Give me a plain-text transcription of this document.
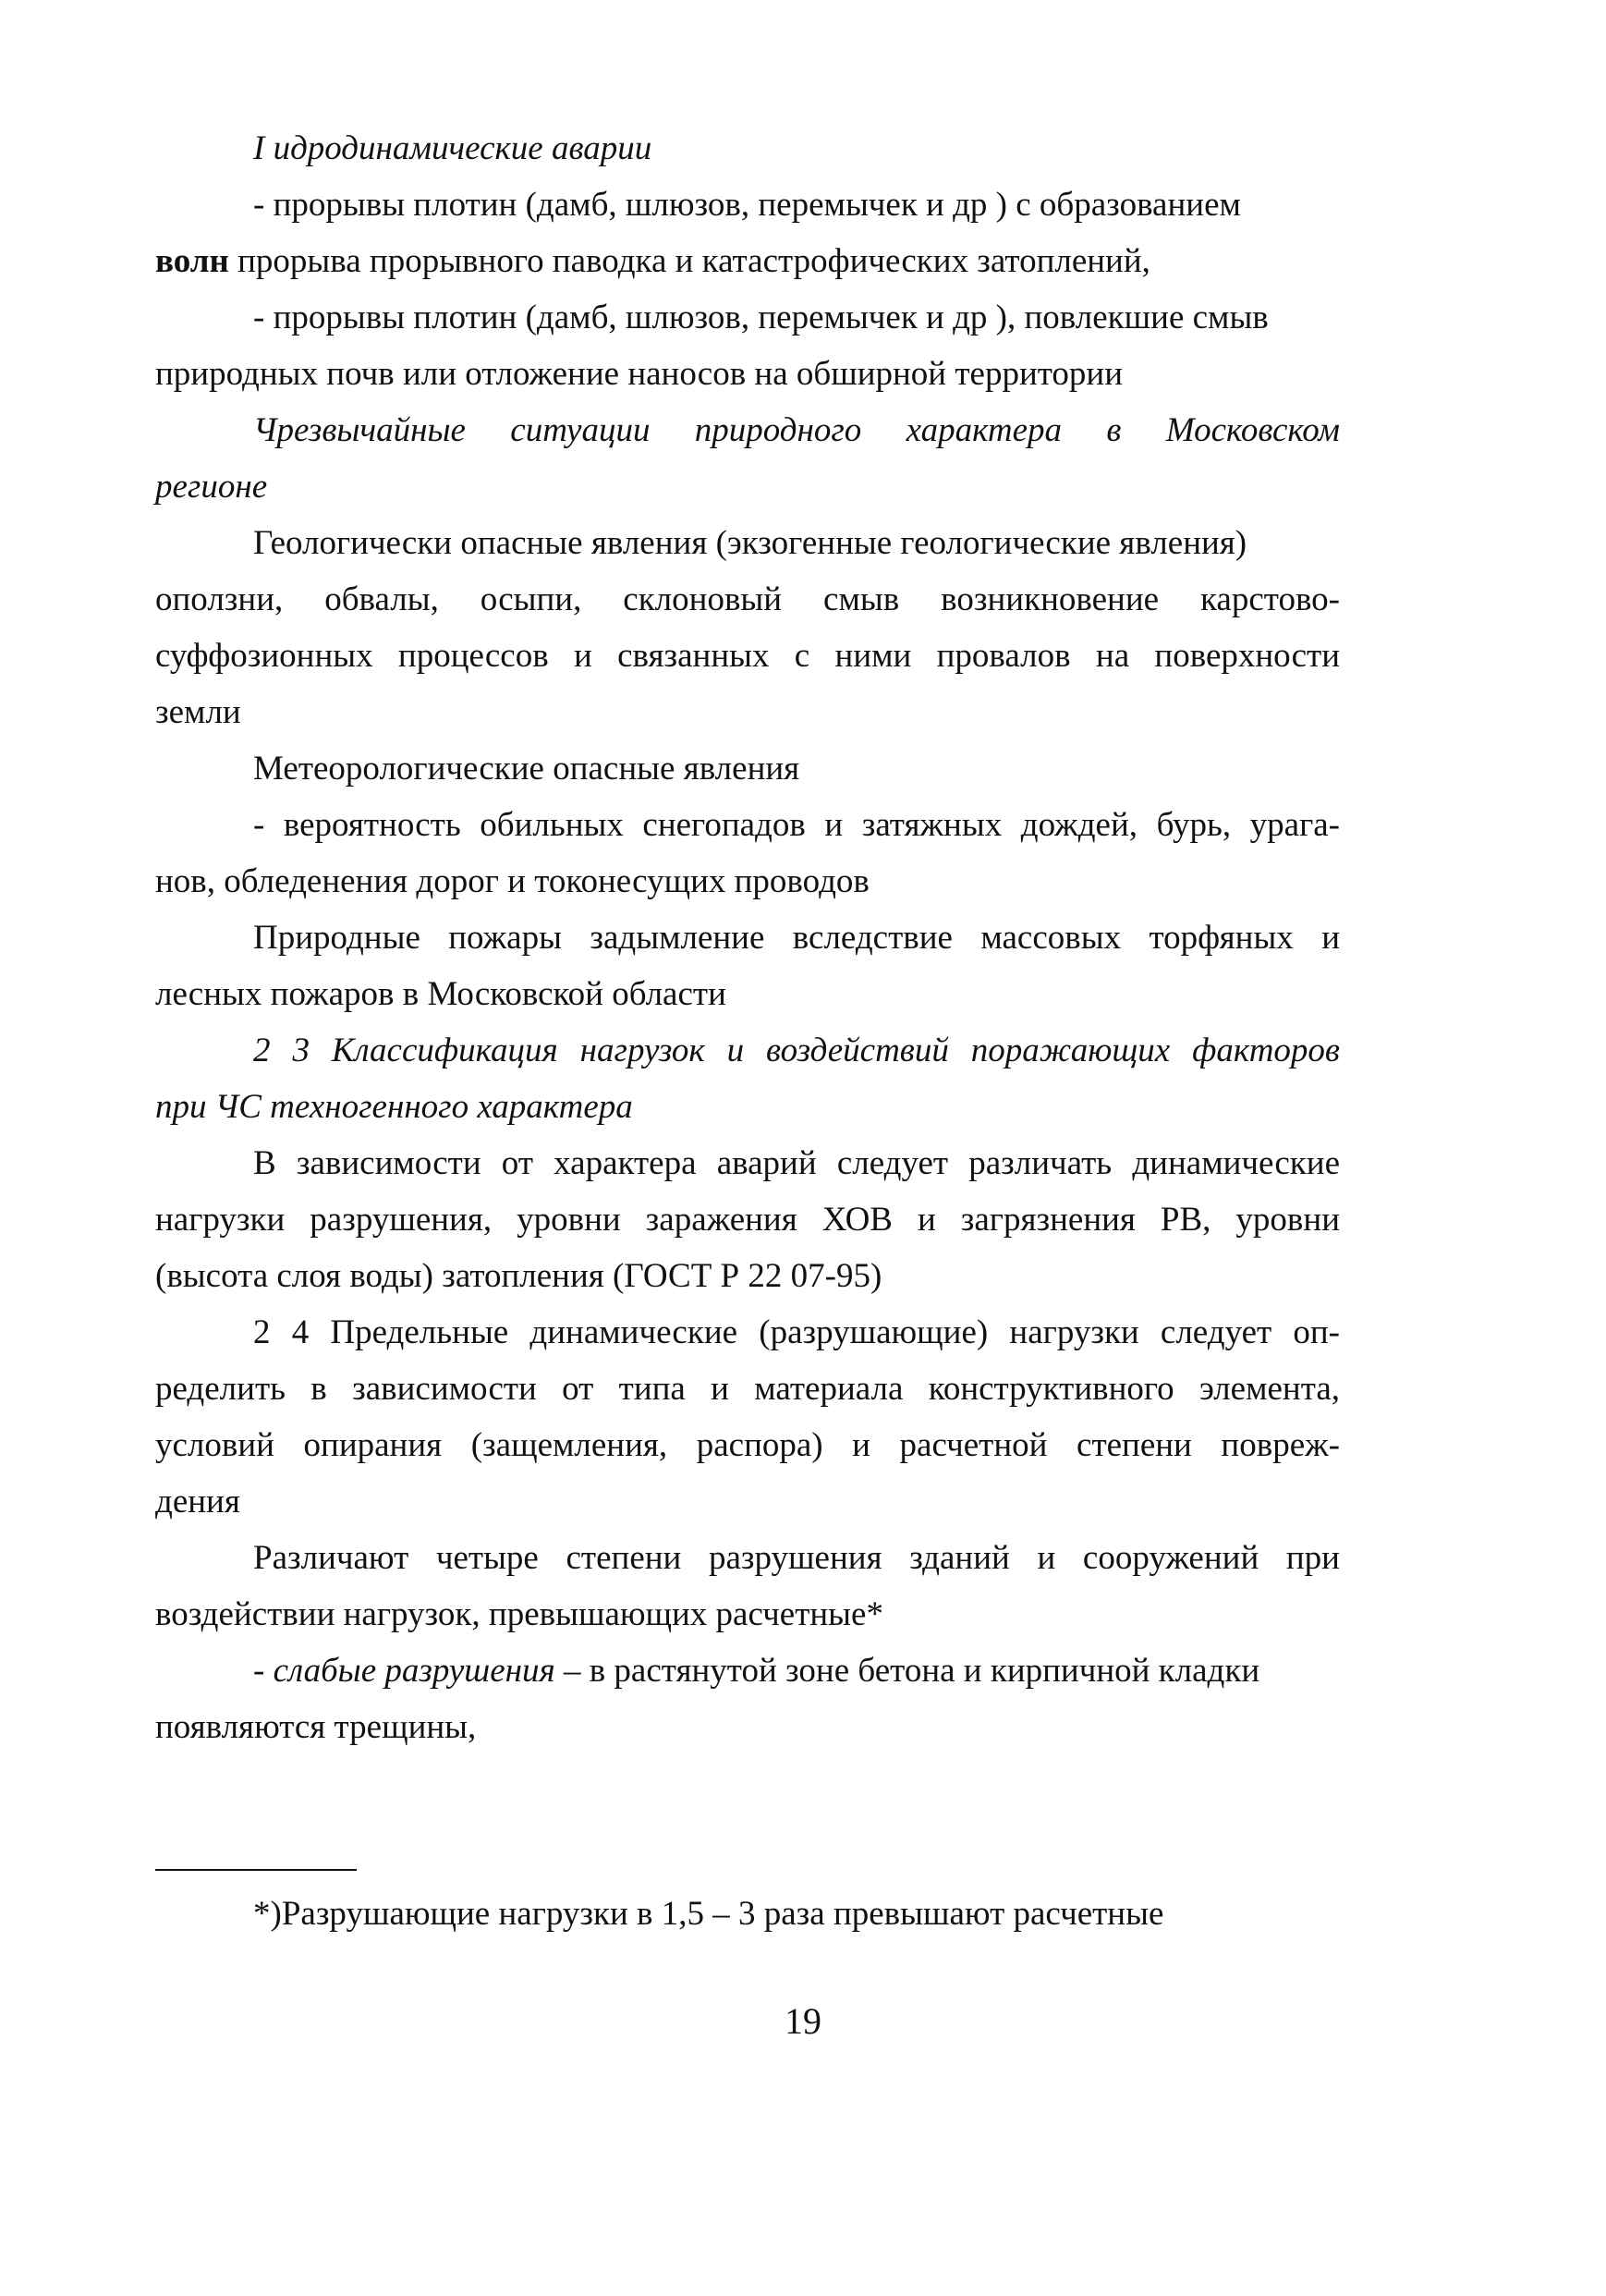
I идродинамические аварии
- прорывы плотин (дамб, шлюзов, перемычек и др ) с образованием
волн прорыва прорывного паводка и катастрофических затоплений,
- прорывы плотин (дамб, шлюзов, перемычек и др ), повлекшие смыв
природных почв или отложение наносов на обширной территории
Чрезвычайные ситуации природного характера в Московском
регионе
Геологически опасные явления (экзогенные геологические явления)
оползни, обвалы, осыпи, склоновый смыв возникновение карстово-
суффозионных процессов и связанных с ними провалов на поверхности
земли
Метеорологические опасные явления
- вероятность обильных снегопадов и затяжных дождей, бурь, урага-
нов, обледенения дорог и токонесущих проводов
Природные пожары задымление вследствие массовых торфяных и
лесных пожаров в Московской области
2 3 Классификация нагрузок и воздействий поражающих факторов
при ЧС техногенного характера
В зависимости от характера аварий следует различать динамические
нагрузки разрушения, уровни заражения ХОВ и загрязнения РВ, уровни
(высота слоя воды) затопления (ГОСТ Р 22 07-95)
2 4 Предельные динамические (разрушающие) нагрузки следует оп-
ределить в зависимости от типа и материала конструктивного элемента,
условий опирания (защемления, распора) и расчетной степени повреж-
дения
Различают четыре степени разрушения зданий и сооружений при
воздействии нагрузок, превышающих расчетные*
- слабые разрушения – в растянутой зоне бетона и кирпичной кладки
появляются трещины,
*)Разрушающие нагрузки в 1,5 – 3 раза превышают расчетные
19
